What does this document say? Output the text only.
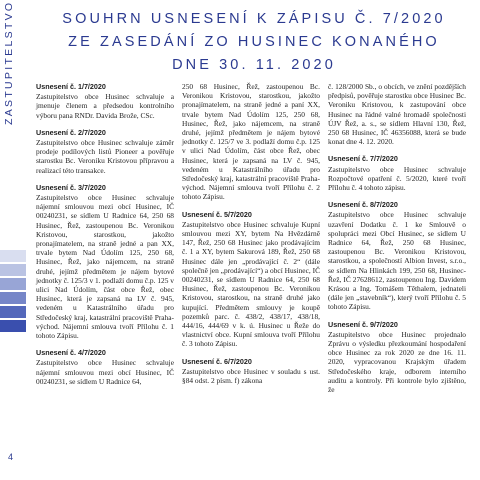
ZASTUPITELSTVO
4
SOUHRN USNESENÍ K ZÁPISU Č. 7/2020
ZE ZASEDÁNÍ ZO HUSINEC KONANÉHO
DNE 30. 11. 2020
Usnesení č. 1/7/2020
Zastupitelstvo obce Husinec schvaluje a jmenuje členem a předsedou kontrolního výboru pana RNDr. Davida Brože, CSc.
Usnesení č. 2/7/2020
Zastupitelstvo obce Husinec schvaluje záměr prodeje podílových listů Pioneer a pověřuje starostku Bc. Veroniku Kristovou přípravou a realizací této transakce.
Usnesení č. 3/7/2020
Zastupitelstvo obce Husinec schvaluje nájemní smlouvou mezi obcí Husinec, IČ 00240231, se sídlem U Radnice 64, 250 68 Husinec, Řež, zastoupenou Bc. Veronikou Kristovou, starostkou, jakožto pronajímatelem, na straně jedné a pan XX, trvale bytem Nad Údolím 125, 250 68, Husinec, Řež, jako nájemcem, na straně druhé, jejímž předmětem je nájem bytové jednotky č. 125/3 v 1. podlaží domu č.p. 125 v ulici Nad Údolím, část obce Řež, obec Husinec, která je zapsaná na LV č. 945, vedeném u Katastrálního úřadu pro Středočeský kraj, katastrální pracoviště Praha-východ. Nájemní smlouva tvoří Přílohu č. 1 tohoto Zápisu.
Usnesení č. 4/7/2020
Zastupitelstvo obce Husinec schvaluje nájemní smlouvou mezi obcí Husinec, IČ 00240231, se sídlem U Radnice 64,
250 68 Husinec, Řež, zastoupenou Bc. Veronikou Kristovou, starostkou, jakožto pronajímatelem, na straně jedné a paní XX, trvale bytem Nad Údolím 125, 250 68, Husinec, Řež, jako nájemcem, na straně druhé, jejímž předmětem je nájem bytové jednotky č. 125/7 ve 3. podlaží domu č.p. 125 v ulici Nad Údolím, část obce Řež, obec Husinec, která je zapsaná na LV č. 945, vedeném u Katastrálního úřadu pro Středočeský kraj, katastrální pracoviště Praha-východ. Nájemní smlouva tvoří Přílohu č. 2 tohoto Zápisu.
Usnesení č. 5/7/2020
Zastupitelstvo obce Husinec schvaluje Kupní smlouvou mezi XY, bytem Na Hvězdárně 147, Řež, 250 68 Husinec jako prodávajícím č. 1 a XY, bytem Sakurová 189, Řež, 250 68 Husinec dále jen „prodávající č. 2“ (dále společně jen „prodávající“) a obcí Husinec, IČ 00240231, se sídlem U Radnice 64, 250 68 Husinec, Řež, zastoupenou Bc. Veronikou Kristovou, starostkou, na straně druhé jako kupující. Předmětem smlouvy je koupě pozemků parc. č. 438/2, 438/17, 438/18, 444/16, 444/69 v k. ú. Husinec u Řeže do vlastnictví obce. Kupní smlouva tvoří Přílohu č. 3 tohoto Zápisu.
Usnesení č. 6/7/2020
Zastupitelstvo obce Husinec v souladu s ust. §84 odst. 2 písm. f) zákona
č. 128/2000 Sb., o obcích, ve znění pozdějších předpisů, pověřuje starostku obce Husinec Bc. Veroniku Kristovou, k zastupování obce Husinec na řádné valné hromadě společnosti ÚJV Řež, a. s., se sídlem Hlavní 130, Řež, 250 68 Husinec, IČ 46356088, která se bude konat dne 4. 12. 2020.
Usnesení č. 7/7/2020
Zastupitelstvo obce Husinec schvaluje Rozpočtové opatření č. 5/2020, které tvoří Přílohu č. 4 tohoto zápisu.
Usnesení č. 8/7/2020
Zastupitelstvo obce Husinec schvaluje uzavření Dodatku č. 1 ke Smlouvě o spolupráci mezi Obcí Husinec, se sídlem U Radnice 64, Řež, 250 68 Husinec, zastoupenou Bc. Veronikou Kristovou, starostkou, a společností Albion Invest, s.r.o., se sídlem Na Hlinkách 199, 250 68, Husinec-Řež, IČ 27628612, zastoupenou Ing. Davidem Krásou a Ing. Tomášem Těthalem, jednateli (dále jen „stavebník“), který tvoří Přílohu č. 5 tohoto Zápisu.
Usnesení č. 9/7/2020
Zastupitelstvo obce Husinec projednalo Zprávu o výsledku přezkoumání hospodaření obce Husinec za rok 2020 ze dne 16. 11. 2020, vypracovanou Krajským úřadem Středočeského kraje, odborem interního auditu a kontroly. Při kontrole bylo zjištěno, že
